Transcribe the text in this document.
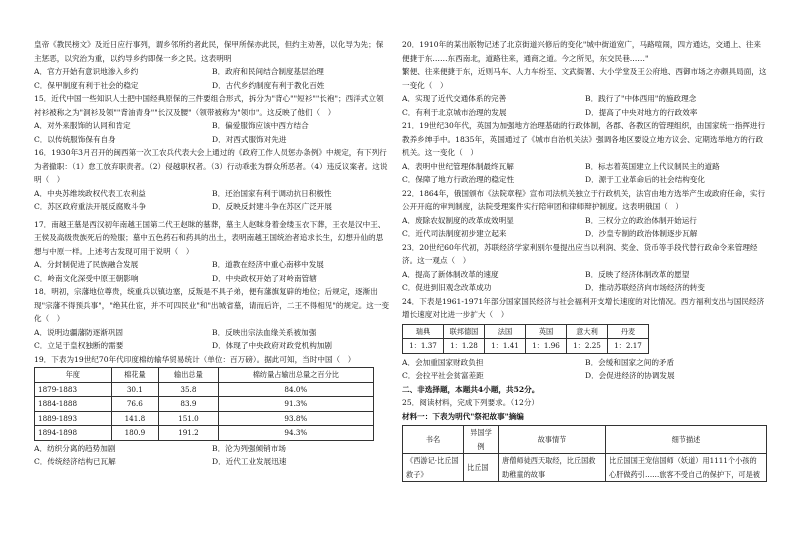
皇帝《教民榜文》及近日应行事列，谓乡邻所约者此民，保甲所保亦此民，但约主劝善，以化导为先；保主惩恶，以究治为重，以约导乡约即保一乡之民。这表明明

A．官方开始有意识地渗入乡约	B．政府和民间结合制度基层治理
C．保甲制度有利于社会的稳定	D．古代乡约制度有利于教化百姓

15．近代中国一些知识人士把中国经典原保的三件要组合形式，拆分为"背心""短衫""长袍"；西洋式立领衬衫被称之为"洞衫及领""背油青身""长汉及腰"（领带被称为"领巾"。这反映了他们（　）

A．对外来服饰的认同和肯定	B．偏爱服饰应该中西方结合
C．以传统服饰保有自身	D．对西式服饰对先进

16．1930年3月召开的闽西第一次工农兵代表大会上通过的《政府工作人员惩办条例》中规定，有下列行为者撤职：（1）怠工放弃职责者。（2）侵越职权者。（3）行动乖张为群众所恶者。（4）违反议案者。这说明（　）

A．中央苏维埃政权代表工农利益	B．还治国家有利于调动抗日积极性
C．苏区政府重法开展反腐败斗争	D．反映反封建斗争在苏区广泛开展

17．南越王墓是西汉初年南越王国第二代王赵眜的墓葬，墓主人赵眜身着金缕玉衣下葬，王衣是汉中王、王侯及高级贵族死后的殓服；墓中五色药石和药具的出土，表明南越王国统治者追求长生，幻想升仙的思想与中原一样。上述考古发现可用于说明（　）

A．分封制促进了民族融合发展	B．道教在经济中重心南移中发展
C．岭南文化深受中原王朝影响	D．中央政权开始了对岭南管辖

18．明初，宗藩地位尊贵，统重兵以镇边塞，反叛是不具子弟，便有藩旗复辟的地位；后规定，逐渐出现"宗藩不得预兵事"，"绝其仕宦，并不可四民业"和"出城省墓，请而后许，二王不得相见"的规定。这一变化（　）

A．说明边疆藩防逐渐巩固	B．反映出宗法血缘关系被加强
C．立足于皇权独断的需要	D．体现了中央政府对政党机构加剧

19．下表为19世纪70年代印度棉纺输华贸易统计（单位：百万磅）。据此可知，当时中国（　）

年度	棉花量	输出总量	棉纺量占输出总量之百分比
1879-1883	30.1	35.8	84.0%
1884-1888	76.6	83.9	91.3%
1889-1893	141.8	151.0	93.8%
1894-1898	180.9	191.2	94.3%
A．纺织分离的趋势加剧	B．沦为列强倾销市场
C．传统经济结构已瓦解	D．近代工业发展迅速

20．1910年的某出版物记述了北京街道兴修后的变化"城中街道宽广，马路喧闹，四方通达，交通上、往来便捷于东……东西南北，道路往来，通商之道。今之所见，东交民巷……"

繁便、往来便捷于东，近则马车、人力车纷至、文武衙署、大小学堂及王公府地、西御市场之亦颇具局面，这一变化（　）

A．实现了近代交通体系的完善	B．践行了"中体西用"的施政理念
C．有利于北京城市治理的发展	D．提高了中央对地方的行政效率

21．19世纪30年代，英国为加强地方治理基础的行政体制，各郡、各教区的管理组织，由国家统一指挥进行教养乡绅手中。1835年，英国通过了《城市自治机关法》强调各地区要设立地方议会、定期选举地方的行政机关。这一变化（　）

A．表明中世纪管理体制最终瓦解	B．标志着英国建立上代议制民主的道路
C．保障了地方行政治理的稳定性	D．源于工业革命后的社会结构变化

22．1864年，俄国颁布《法院章程》宣布司法机关独立于行政机关，法官由地方选举产生或政府任命，实行公开开庭的审判制度，法院受理案件实行陪审团和律师辩护制度。这表明俄国（　）

A．废除农奴制度的改革成效明显	B．三权分立的政治体制开始运行
C．近代司法制度初步建立起来	D．沙皇专制的政治体制逐步瓦解

23．20世纪60年代初，苏联经济学家利别尔曼提出应当以利润、奖金、货币等手段代替行政命令来管理经济。这一观点（　）

A．提高了新体制改革的速度	B．反映了经济体制改革的愿望
C．促进到旧观念改革成功	D．推动苏联经济向市场经济的转变

24．下表是1961-1971年部分国家国民经济与社会福利开支增长速度的对比情况。西方福利支出与国民经济增长速度对比进一步扩大（　）

瑞典	联邦德国	法国	英国	意大利	丹麦
1：1.37	1：1.28	1：1.41	1：1.96	1：2.25	1：2.17
A．会加重国家财政负担	B．会缓和国家之间的矛盾
C．会拉平社会贫富差距	D．会促进经济的协调发展

二、非选择题，本题共4小题，共52分。

25．阅读材料，完成下列要求。（12分）

材料一：下表为明代"祭祀故事"摘编

书名	异国学例	故事情节	细节描述
《西游记·比丘国救子》	比丘国	唐僧师徒西天取经，比丘国救助稚童的故事	比丘国国王宠信国师（妖道）用1111个小孩的心肝做药引……旅客不受自己的保护下，可是被
